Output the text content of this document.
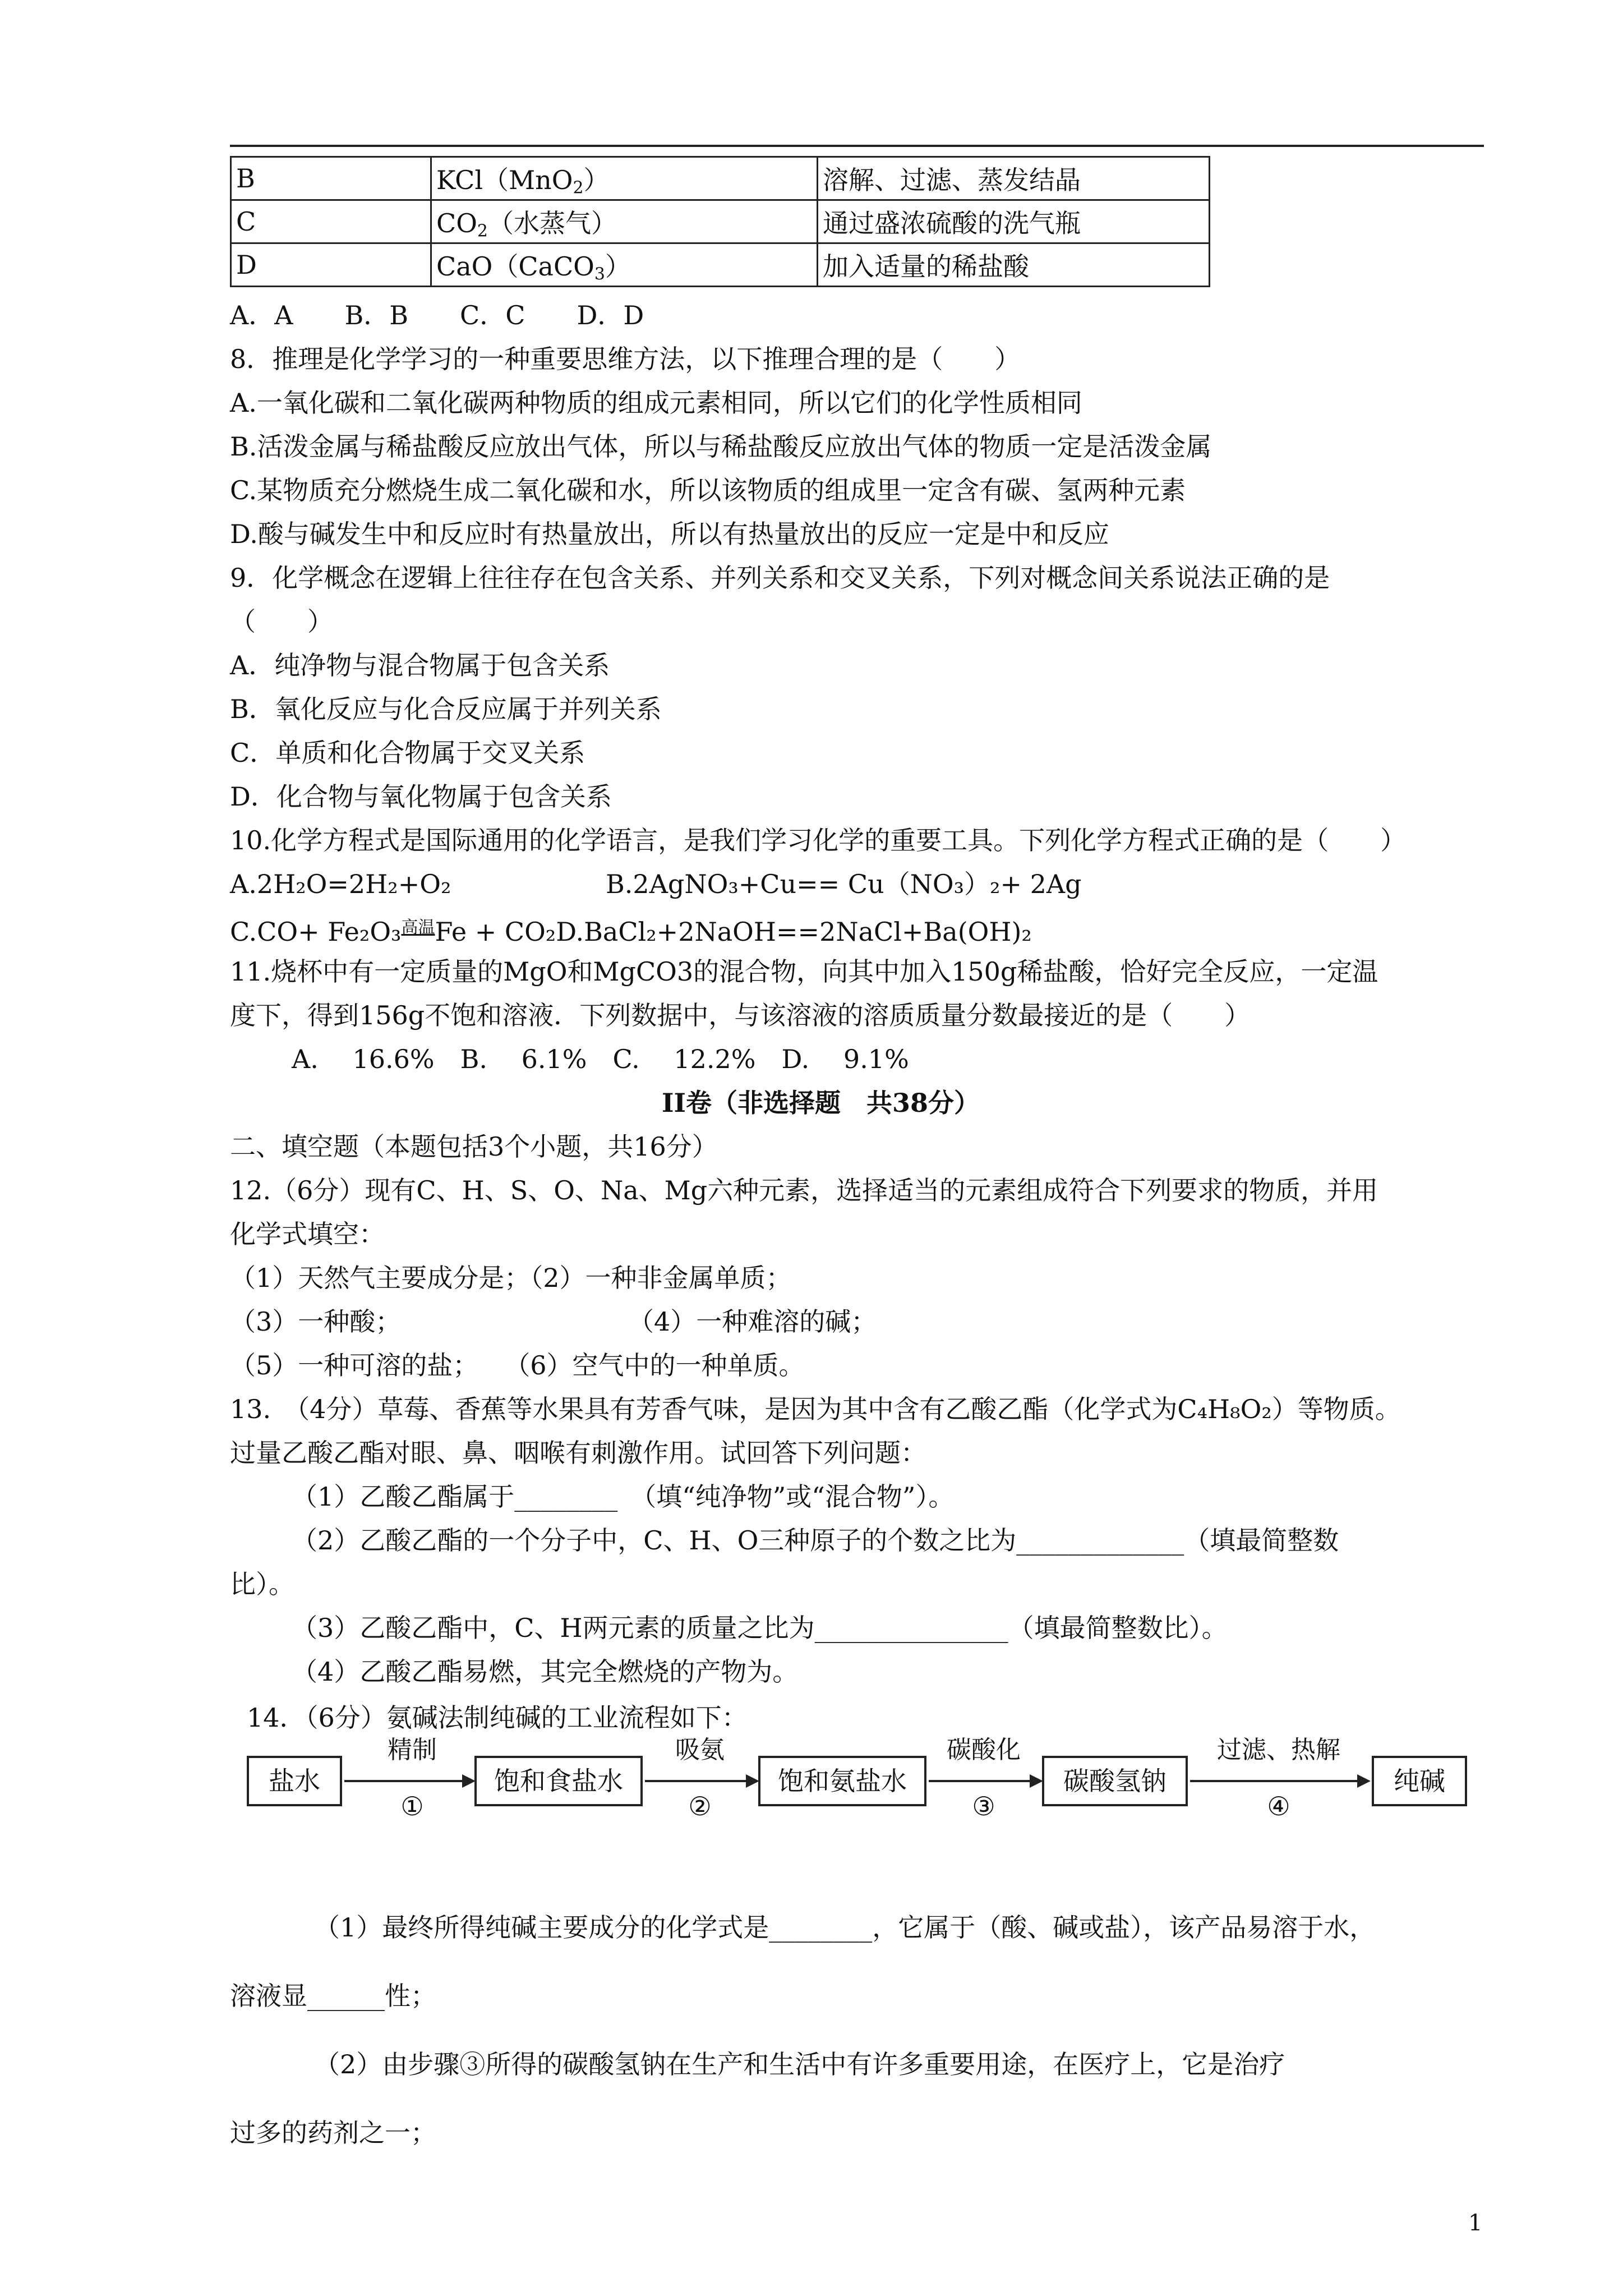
B	KCl（MnO$_2$）	溶解、过滤、蒸发结晶
C	$CO_2$（水蒸气）	通过盛浓硫酸的洗气瓶
D	CaO（CaCO$_3$）	加入适量的稀盐酸
A．A　　B．B　　C．C　　D．D
8．推理是化学学习的一种重要思维方法，以下推理合理的是（　　）
A.一氧化碳和二氧化碳两种物质的组成元素相同，所以它们的化学性质相同
B.活泼金属与稀盐酸反应放出气体，所以与稀盐酸反应放出气体的物质一定是活泼金属
C.某物质充分燃烧生成二氧化碳和水，所以该物质的组成里一定含有碳、氢两种元素
D.酸与碱发生中和反应时有热量放出，所以有热量放出的反应一定是中和反应
9．化学概念在逻辑上往往存在包含关系、并列关系和交叉关系，下列对概念间关系说法正确的是
（　　）
A．纯净物与混合物属于包含关系
B．氧化反应与化合反应属于并列关系
C．单质和化合物属于交叉关系
D．化合物与氧化物属于包含关系
10.化学方程式是国际通用的化学语言，是我们学习化学的重要工具。下列化学方程式正确的是（　　）
A.2H₂O=2H₂+O₂	B.2AgNO₃+Cu== Cu（NO₃）₂+ 2Ag
C.CO+ Fe₂O₃$^{高温}$Fe + CO₂D.BaCl₂+2NaOH==2NaCl+Ba(OH)₂
11.烧杯中有一定质量的MgO和MgCO3的混合物，向其中加入150g稀盐酸，恰好完全反应，一定温
度下，得到156g不饱和溶液．下列数据中，与该溶液的溶质质量分数最接近的是（　　）
A.　 16.6%　B.　 6.1%　C.　 12.2%　D.　 9.1%
II卷（非选择题　共38分）
二、填空题（本题包括3个小题，共16分）
12.（6分）现有C、H、S、O、Na、Mg六种元素，选择适当的元素组成符合下列要求的物质，并用
化学式填空：
（1）天然气主要成分是；（2）一种非金属单质；
（3）一种酸；	（4）一种难溶的碱；
（5）一种可溶的盐；　　（6）空气中的一种单质。
13.　（4分）草莓、香蕉等水果具有芳香气味，是因为其中含有乙酸乙酯（化学式为C₄H₈O₂）等物质。
过量乙酸乙酯对眼、鼻、咽喉有刺激作用。试回答下列问题：
（1）乙酸乙酯属于________　（填“纯净物”或“混合物”）。
（2）乙酸乙酯的一个分子中，C、H、O三种原子的个数之比为_____________（填最简整数
比）。
（3）乙酸乙酯中，C、H两元素的质量之比为_______________（填最简整数比）。
（4）乙酸乙酯易燃，其完全燃烧的产物为。
14．（6分）氨碱法制纯碱的工业流程如下：
盐水
精制
①
饱和食盐水
吸氨
②
饱和氨盐水
碳酸化
③
碳酸氢钠
过滤、热解
④
纯碱
（1）最终所得纯碱主要成分的化学式是________，它属于（酸、碱或盐），该产品易溶于水，
溶液显______性；
（2）由步骤③所得的碳酸氢钠在生产和生活中有许多重要用途，在医疗上，它是治疗
过多的药剂之一；
1
